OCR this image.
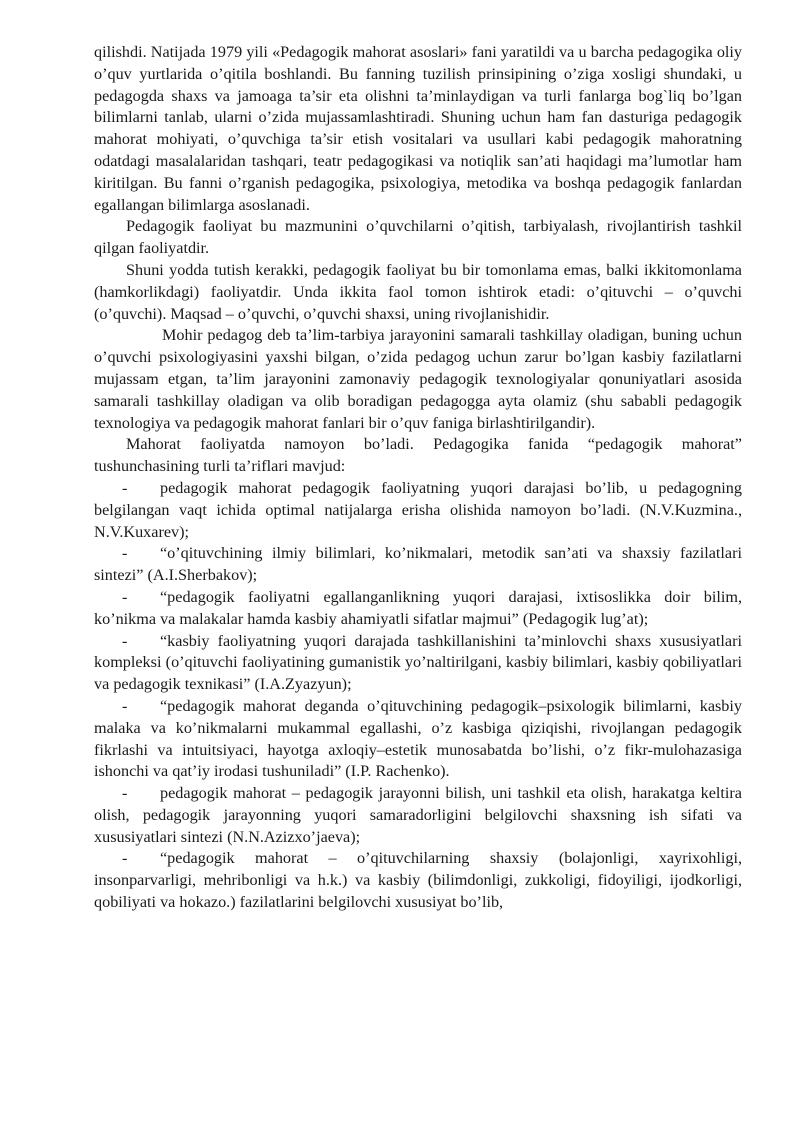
qilishdi. Natijada 1979 yili «Pedagogik mahorat asoslari» fani yaratildi va u barcha pedagogika oliy o’quv yurtlarida o’qitila boshlandi. Bu fanning tuzilish prinsipining o’ziga xosligi shundaki, u pedagogda shaxs va jamoaga ta’sir eta olishni ta’minlaydigan va turli fanlarga bog`liq bo’lgan bilimlarni tanlab, ularni o’zida mujassamlashtiradi. Shuning uchun ham fan dasturiga pedagogik mahorat mohiyati, o’quvchiga ta’sir etish vositalari va usullari kabi pedagogik mahoratning odatdagi masalalaridan tashqari, teatr pedagogikasi va notiqlik san’ati haqidagi ma’lumotlar ham kiritilgan. Bu fanni o’rganish pedagogika, psixologiya, metodika va boshqa pedagogik fanlardan egallangan bilimlarga asoslanadi.

Pedagogik faoliyat bu mazmunini o’quvchilarni o’qitish, tarbiyalash, rivojlantirish tashkil qilgan faoliyatdir.

Shuni yodda tutish kerakki, pedagogik faoliyat bu bir tomonlama emas, balki ikkitomonlama (hamkorlikdagi) faoliyatdir. Unda ikkita faol tomon ishtirok etadi: o’qituvchi – o’quvchi (o’quvchi). Maqsad – o’quvchi, o’quvchi shaxsi, uning rivojlanishidir.

Mohir pedagog deb ta’lim-tarbiya jarayonini samarali tashkillay oladigan, buning uchun o’quvchi psixologiyasini yaxshi bilgan, o’zida pedagog uchun zarur bo’lgan kasbiy fazilatlarni mujassam etgan, ta’lim jarayonini zamonaviy pedagogik texnologiyalar qonuniyatlari asosida samarali tashkillay oladigan va olib boradigan pedagogga ayta olamiz (shu sababli pedagogik texnologiya va pedagogik mahorat fanlari bir o’quv faniga birlashtirilgandir).

Mahorat faoliyatda namoyon bo’ladi. Pedagogika fanida “pedagogik mahorat” tushunchasining turli ta’riflari mavjud:

- pedagogik mahorat pedagogik faoliyatning yuqori darajasi bo’lib, u pedagogning belgilangan vaqt ichida optimal natijalarga erisha olishida namoyon bo’ladi. (N.V.Kuzmina., N.V.Kuxarev);

- “o’qituvchining ilmiy bilimlari, ko’nikmalari, metodik san’ati va shaxsiy fazilatlari sintezi” (A.I.Sherbakov);

- “pedagogik faoliyatni egallanganlikning yuqori darajasi, ixtisoslikka doir bilim, ko’nikma va malakalar hamda kasbiy ahamiyatli sifatlar majmui” (Pedagogik lug’at);

- “kasbiy faoliyatning yuqori darajada tashkillanishini ta’minlovchi shaxs xususiyatlari kompleksi (o’qituvchi faoliyatining gumanistik yo’naltirilgani, kasbiy bilimlari, kasbiy qobiliyatlari va pedagogik texnikasi” (I.A.Zyazyun);

- “pedagogik mahorat deganda o’qituvchining pedagogik–psixologik bilimlarni, kasbiy malaka va ko’nikmalarni mukammal egallashi, o’z kasbiga qiziqishi, rivojlangan pedagogik fikrlashi va intuitsiyaci, hayotga axloqiy–estetik munosabatda bo’lishi, o’z fikr-mulohazasiga ishonchi va qat’iy irodasi tushuniladi” (I.P. Rachenko).

- pedagogik mahorat – pedagogik jarayonni bilish, uni tashkil eta olish, harakatga keltira olish, pedagogik jarayonning yuqori samaradorligini belgilovchi shaxsning ish sifati va xususiyatlari sintezi (N.N.Azizxo’jaeva);

- “pedagogik mahorat – o’qituvchilarning shaxsiy (bolajonligi, xayrixohligi, insonparvarligi, mehribonligi va h.k.) va kasbiy (bilimdonligi, zukkoligi, fidoyiligi, ijodkorligi, qobiliyati va hokazo.) fazilatlarini belgilovchi xususiyat bo’lib,
